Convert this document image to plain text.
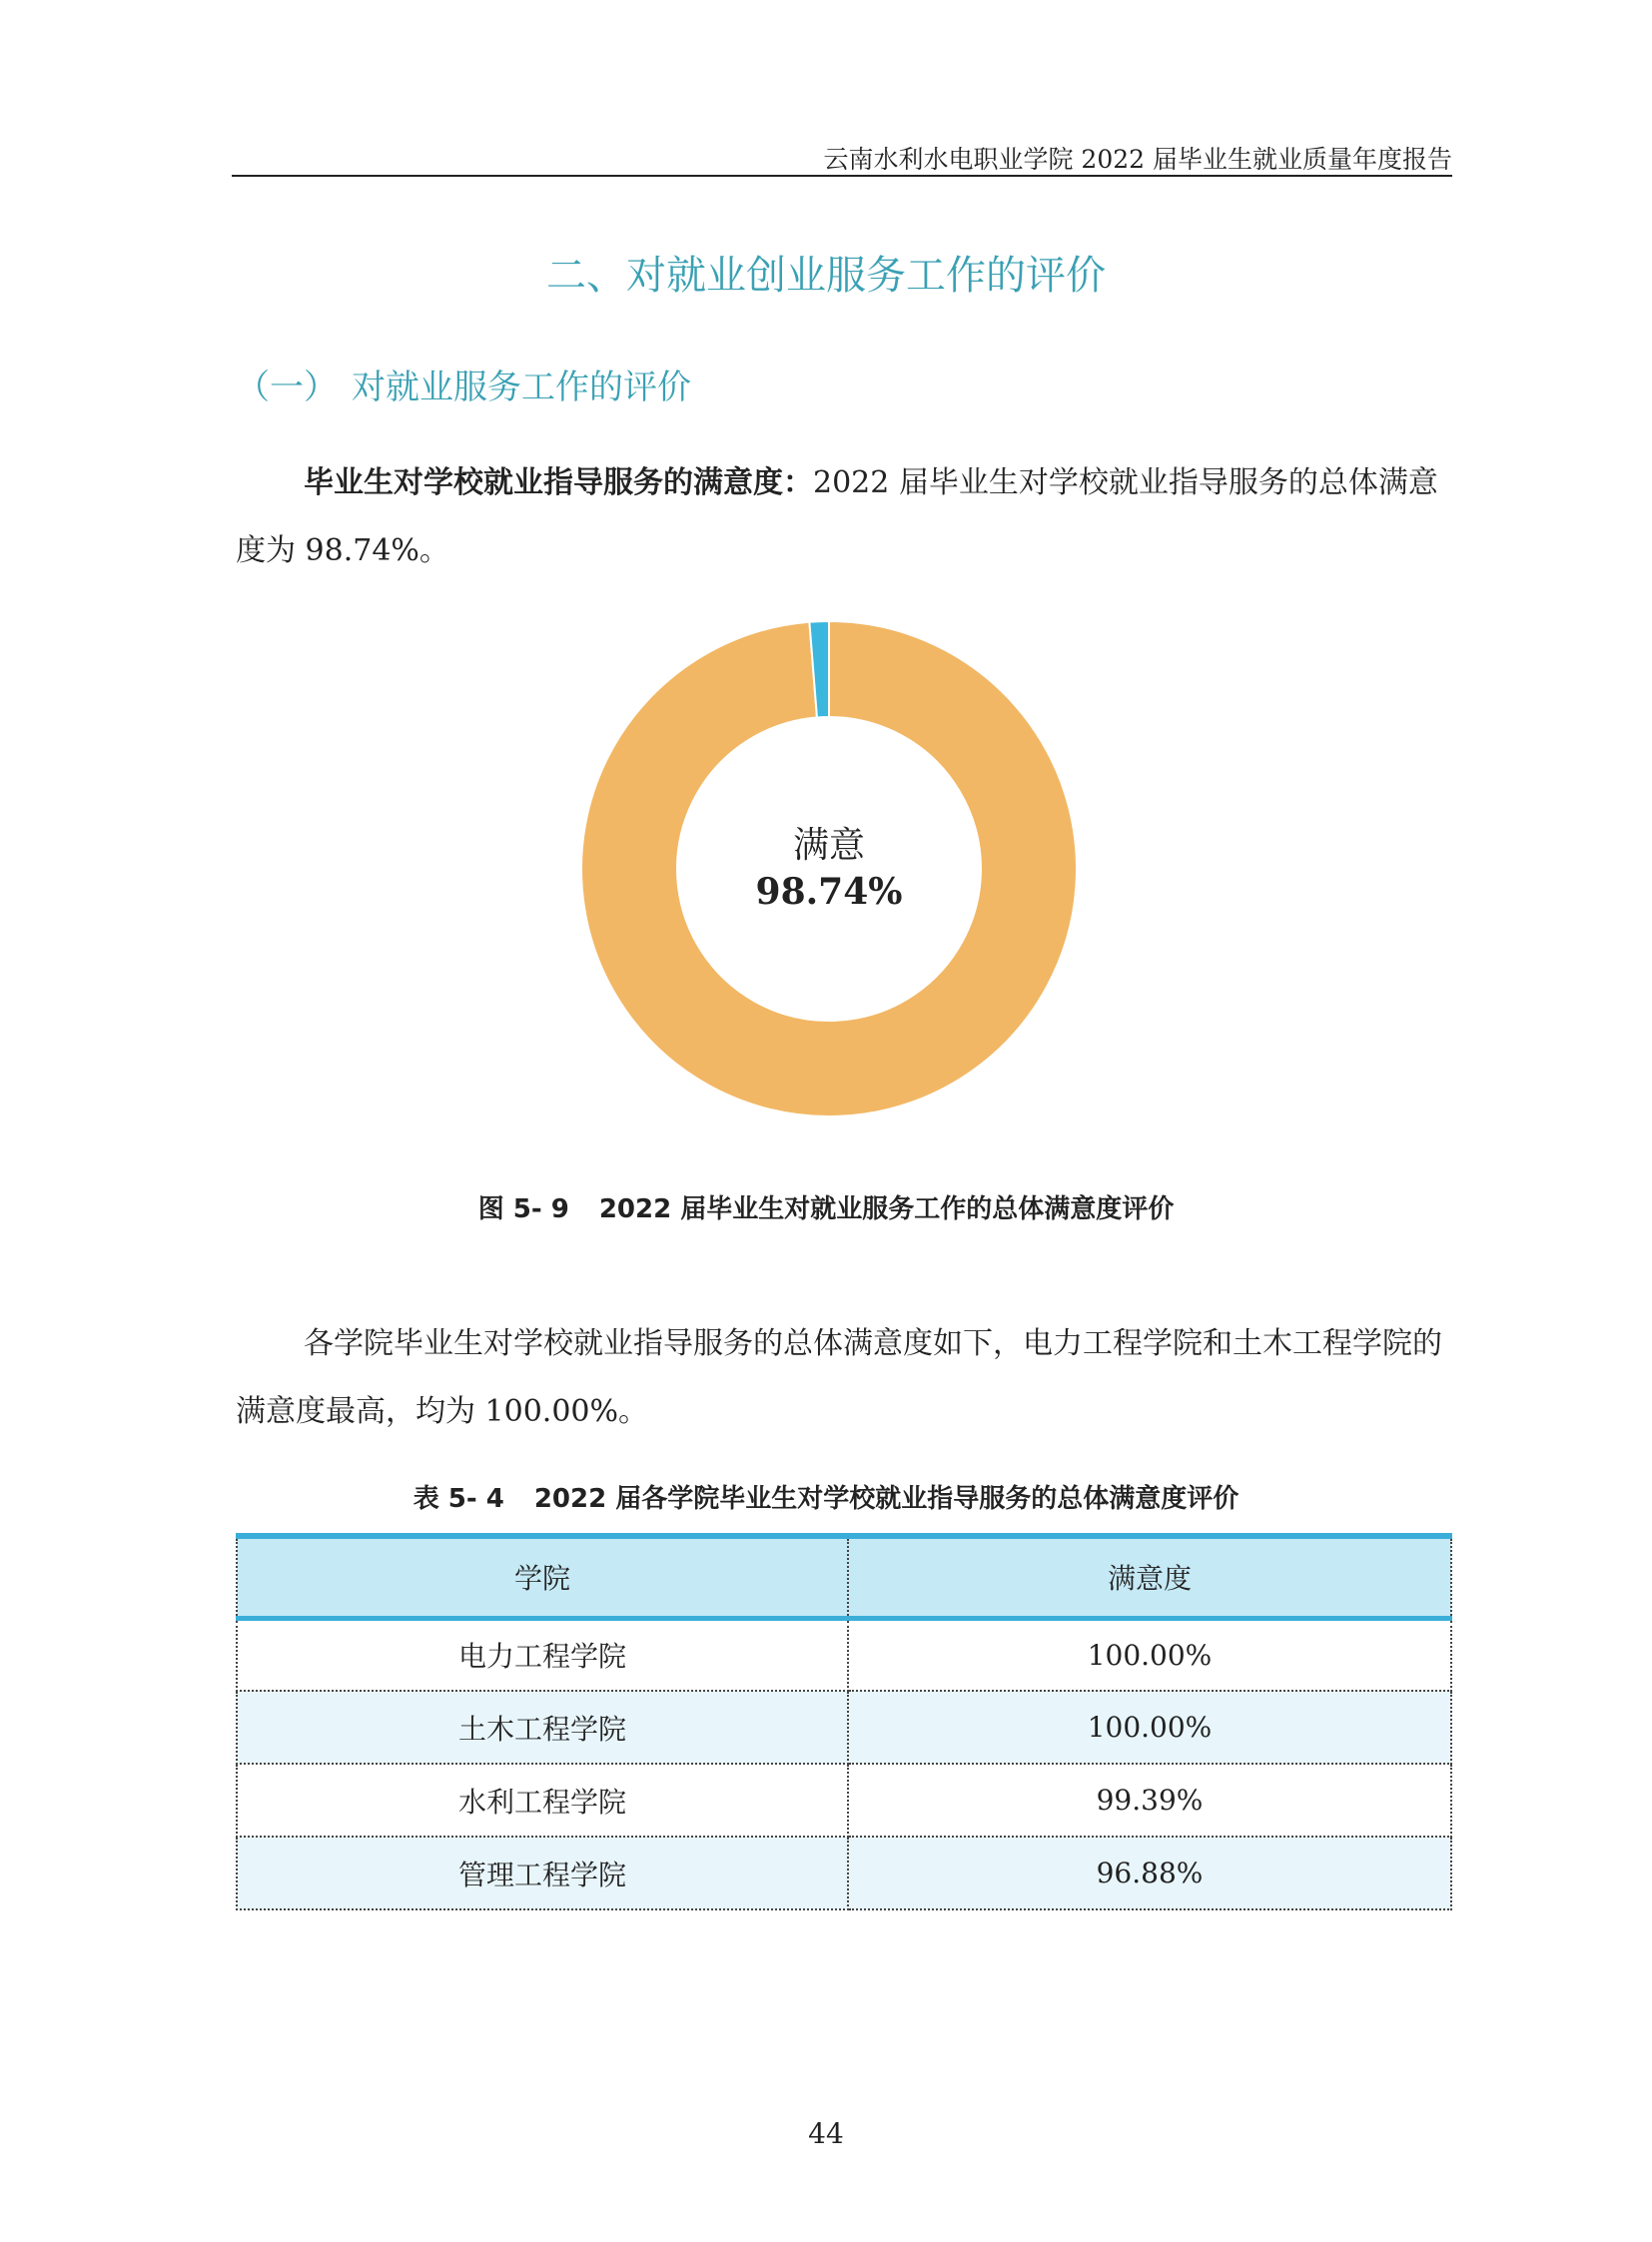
云南水利水电职业学院 2022 届毕业生就业质量年度报告
二、对就业创业服务工作的评价
（一） 对就业服务工作的评价

毕业生对学校就业指导服务的满意度：2022 届毕业生对学校就业指导服务的总体满意度为 98.74%。

满意
98.74%
图 5- 9 2022 届毕业生对就业服务工作的总体满意度评价

各学院毕业生对学校就业指导服务的总体满意度如下，电力工程学院和土木工程学院的满意度最高，均为 100.00%。

表 5- 4 2022 届各学院毕业生对学校就业指导服务的总体满意度评价
学院	满意度
电力工程学院	100.00%
土木工程学院	100.00%
水利工程学院	99.39%
管理工程学院	96.88%
44
